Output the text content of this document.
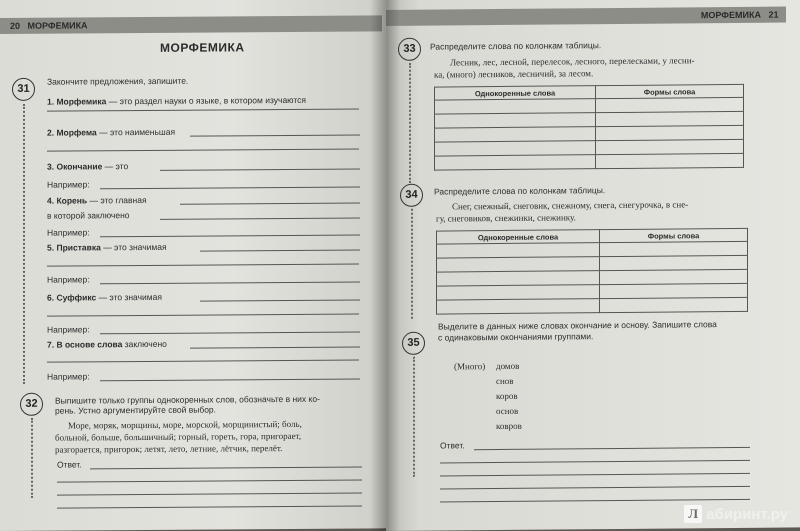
20 МОРФЕМИКА
МОРФЕМИКА
31
Закончите предложения, запишите.
1. Морфемика — это раздел науки о языке, в котором изучаются
2. Морфема — это наименьшая
3. Окончание — это
Например:
4. Корень — это главная
в которой заключено
Например:
5. Приставка — это значимая
Например:
6. Суффикс — это значимая
Например:
7. В основе слова заключено
Например:
32	Выпишите только группы однокоренных слов, обозначьте в них ко-
рень. Устно аргументируйте свой выбор.
Море, моряк, морщины, море, морской, морщинистый; боль,
больной, больше, большичный; горный, гореть, гора, пригорает,
разгорается, пригорок; летят, лето, летние, лётчик, перелёт.
Ответ.
МОРФЕМИКА 21
33	Распределите слова по колонкам таблицы.
Лесник, лес, лесной, перелесок, лесного, перелесками, у лесни-
ка, (много) лесников, лесничий, за лесом.
Однокоренные слова	Формы слова

34	Распределите слова по колонкам таблицы.
Снег, снежный, снеговик, снежному, снега, снегурочка, в сне-
гу, снеговиков, снежинки, снежинку.
Однокоренные слова	Формы слова

35
Выделите в данных ниже словах окончание и основу. Запишите слова
с одинаковыми окончаниями группами.
(Много) домов
снов
коров
основ
ковров
Ответ.
Л абиринт.ру
